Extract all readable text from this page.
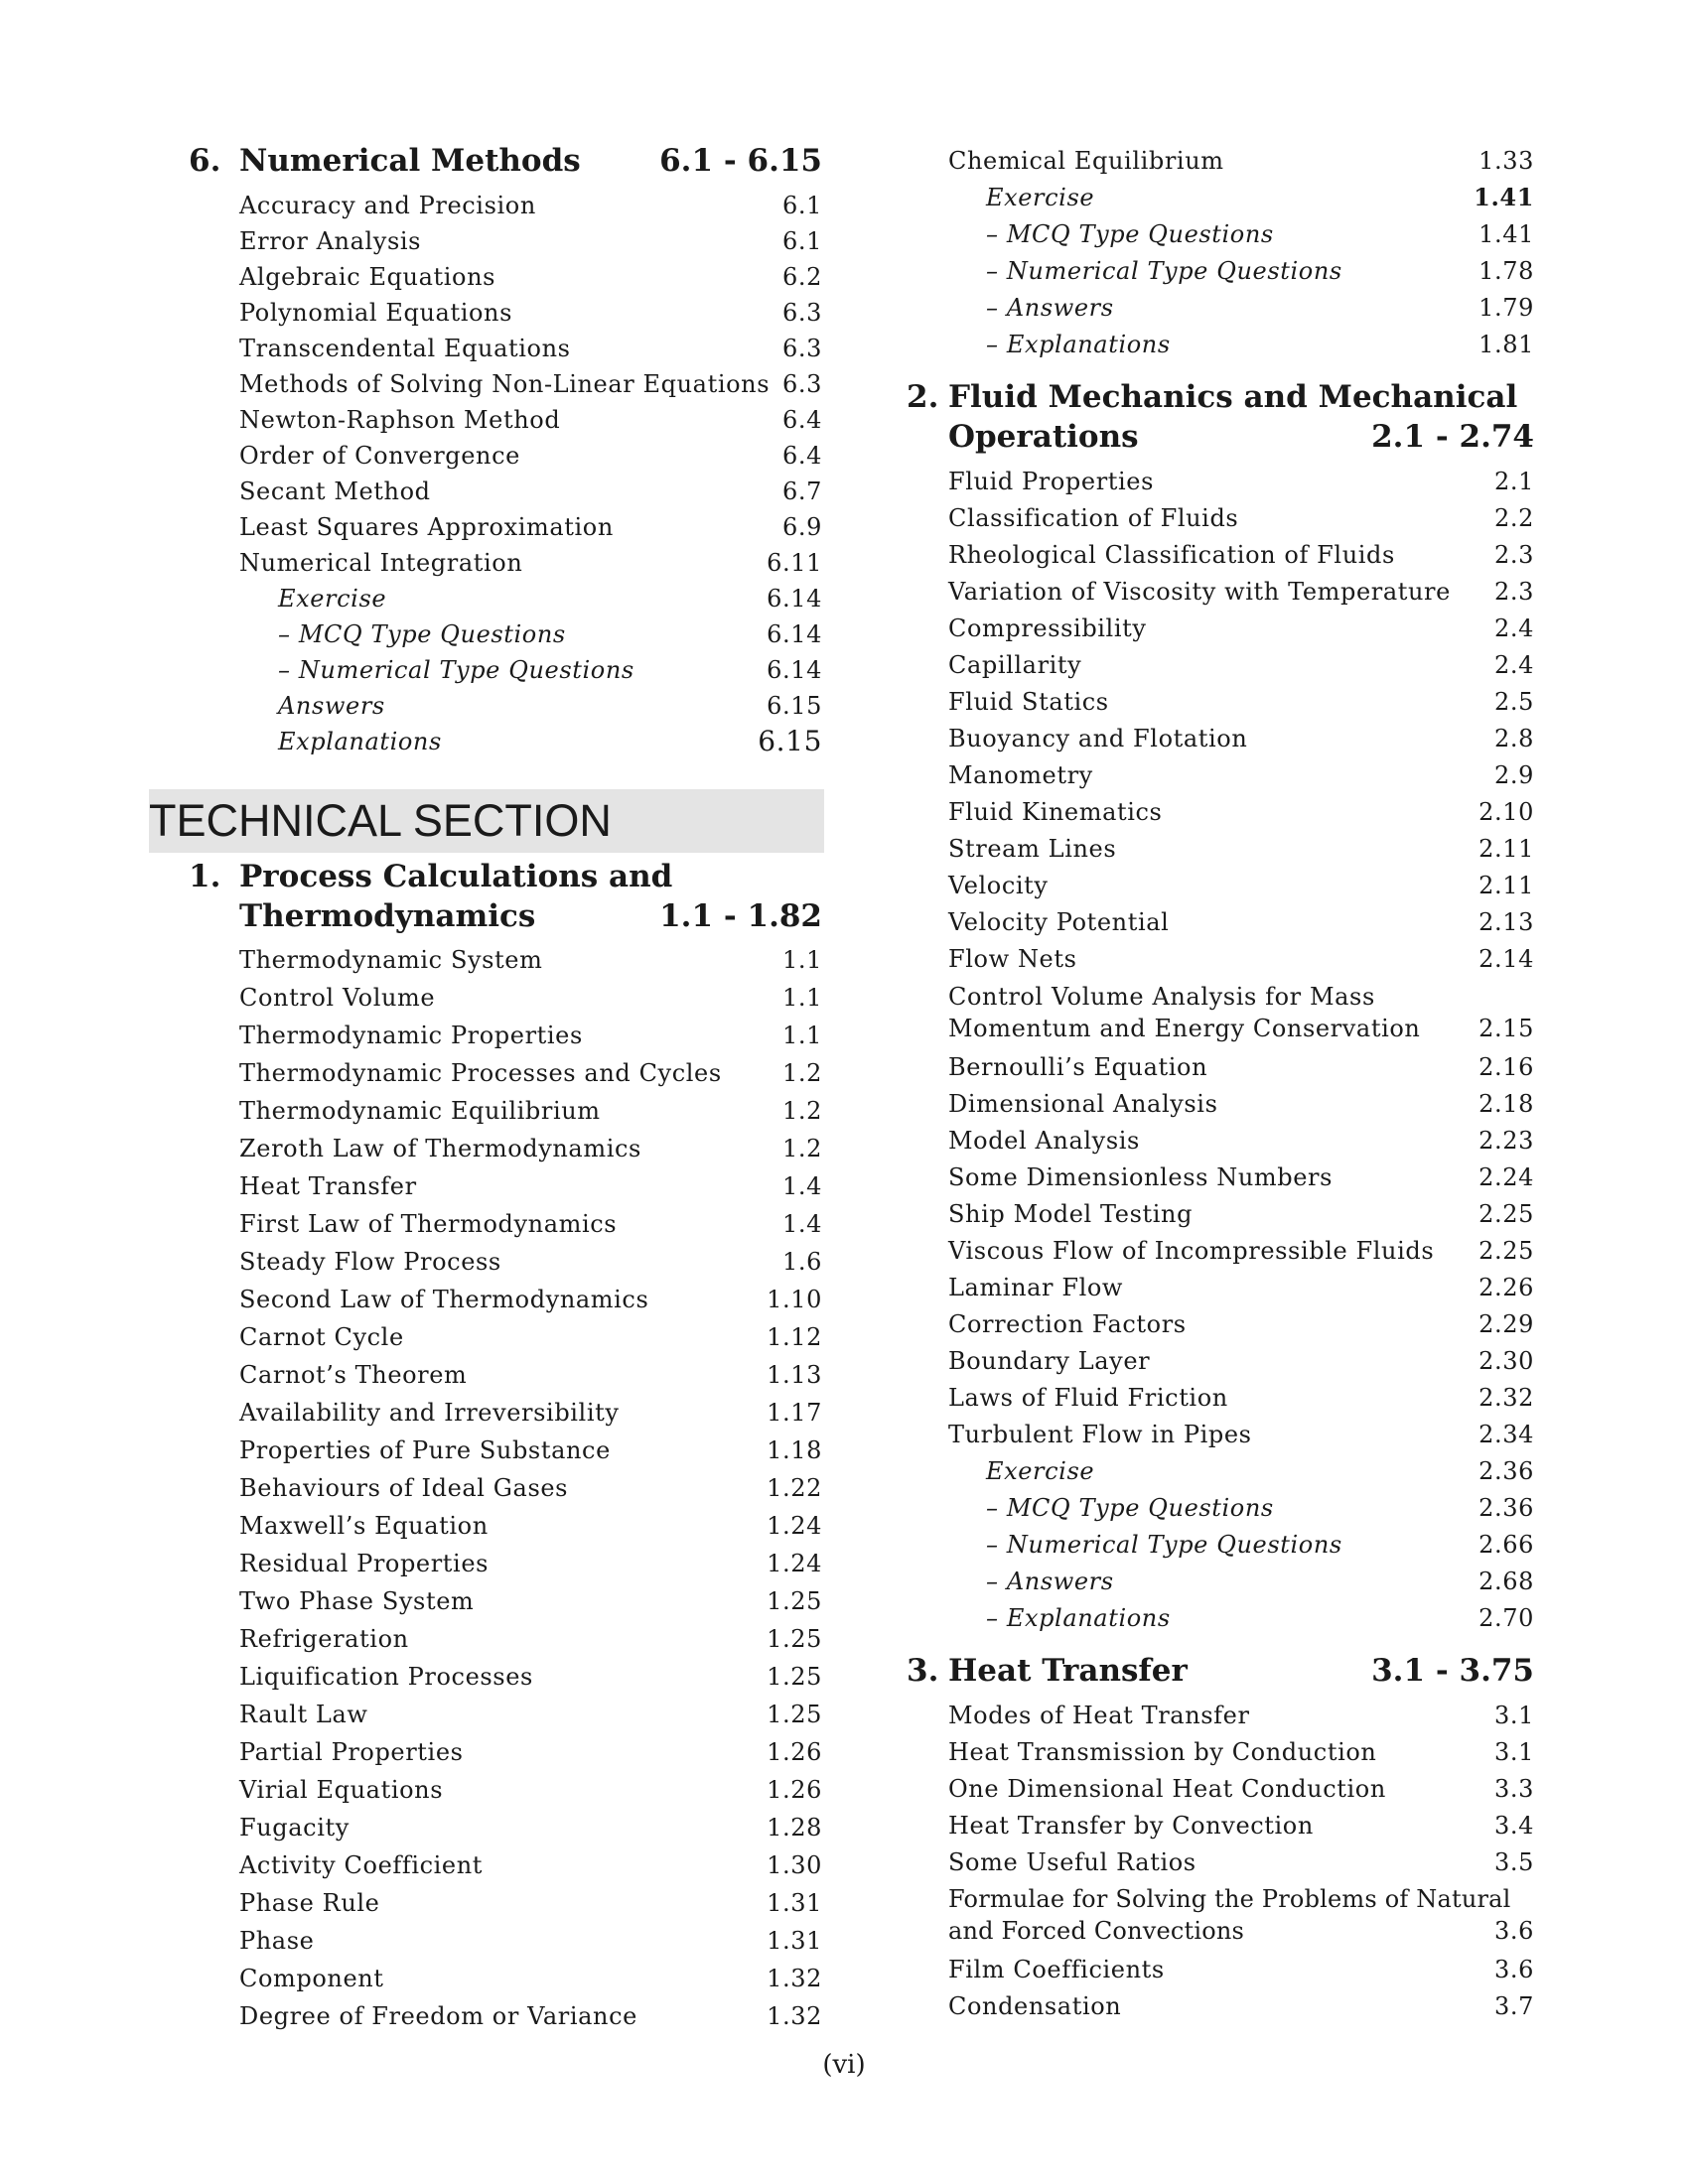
6. Numerical Methods	6.1 - 6.15
Accuracy and Precision	6.1
Error Analysis	6.1
Algebraic Equations	6.2
Polynomial Equations	6.3
Transcendental Equations	6.3
Methods of Solving Non-Linear Equations 6.3
Newton-Raphson Method	6.4
Order of Convergence	6.4
Secant Method	6.7
Least Squares Approximation	6.9
Numerical Integration	6.11
Exercise	6.14
– MCQ Type Questions	6.14
– Numerical Type Questions	6.14
Answers	6.15
Explanations	6.15
TECHNICAL SECTION
1. Process Calculations and
Thermodynamics	1.1 - 1.82
Thermodynamic System	1.1
Control Volume	1.1
Thermodynamic Properties	1.1
Thermodynamic Processes and Cycles	1.2
Thermodynamic Equilibrium	1.2
Zeroth Law of Thermodynamics	1.2
Heat Transfer	1.4
First Law of Thermodynamics	1.4
Steady Flow Process	1.6
Second Law of Thermodynamics	1.10
Carnot Cycle	1.12
Carnot’s Theorem	1.13
Availability and Irreversibility	1.17
Properties of Pure Substance	1.18
Behaviours of Ideal Gases	1.22
Maxwell’s Equation	1.24
Residual Properties	1.24
Two Phase System	1.25
Refrigeration	1.25
Liquification Processes	1.25
Rault Law	1.25
Partial Properties	1.26
Virial Equations	1.26
Fugacity	1.28
Activity Coefficient	1.30
Phase Rule	1.31
Phase	1.31
Component	1.32
Degree of Freedom or Variance	1.32
Chemical Equilibrium	1.33
Exercise	1.41
– MCQ Type Questions	1.41
– Numerical Type Questions	1.78
– Answers	1.79
– Explanations	1.81
2. Fluid Mechanics and Mechanical
Operations	2.1 - 2.74
Fluid Properties	2.1
Classification of Fluids	2.2
Rheological Classification of Fluids	2.3
Variation of Viscosity with Temperature 2.3
Compressibility	2.4
Capillarity	2.4
Fluid Statics	2.5
Buoyancy and Flotation	2.8
Manometry	2.9
Fluid Kinematics	2.10
Stream Lines	2.11
Velocity	2.11
Velocity Potential	2.13
Flow Nets	2.14
Control Volume Analysis for Mass Momentum and Energy Conservation	2.15
Bernoulli’s Equation	2.16
Dimensional Analysis	2.18
Model Analysis	2.23
Some Dimensionless Numbers	2.24
Ship Model Testing	2.25
Viscous Flow of Incompressible Fluids 2.25
Laminar Flow	2.26
Correction Factors	2.29
Boundary Layer	2.30
Laws of Fluid Friction	2.32
Turbulent Flow in Pipes	2.34
Exercise	2.36
– MCQ Type Questions	2.36
– Numerical Type Questions	2.66
– Answers	2.68
– Explanations	2.70
3. Heat Transfer	3.1 - 3.75
Modes of Heat Transfer	3.1
Heat Transmission by Conduction	3.1
One Dimensional Heat Conduction	3.3
Heat Transfer by Convection	3.4
Some Useful Ratios	3.5
Formulae for Solving the Problems of Natural and Forced Convections	3.6
Film Coefficients	3.6
Condensation	3.7
(vi)
